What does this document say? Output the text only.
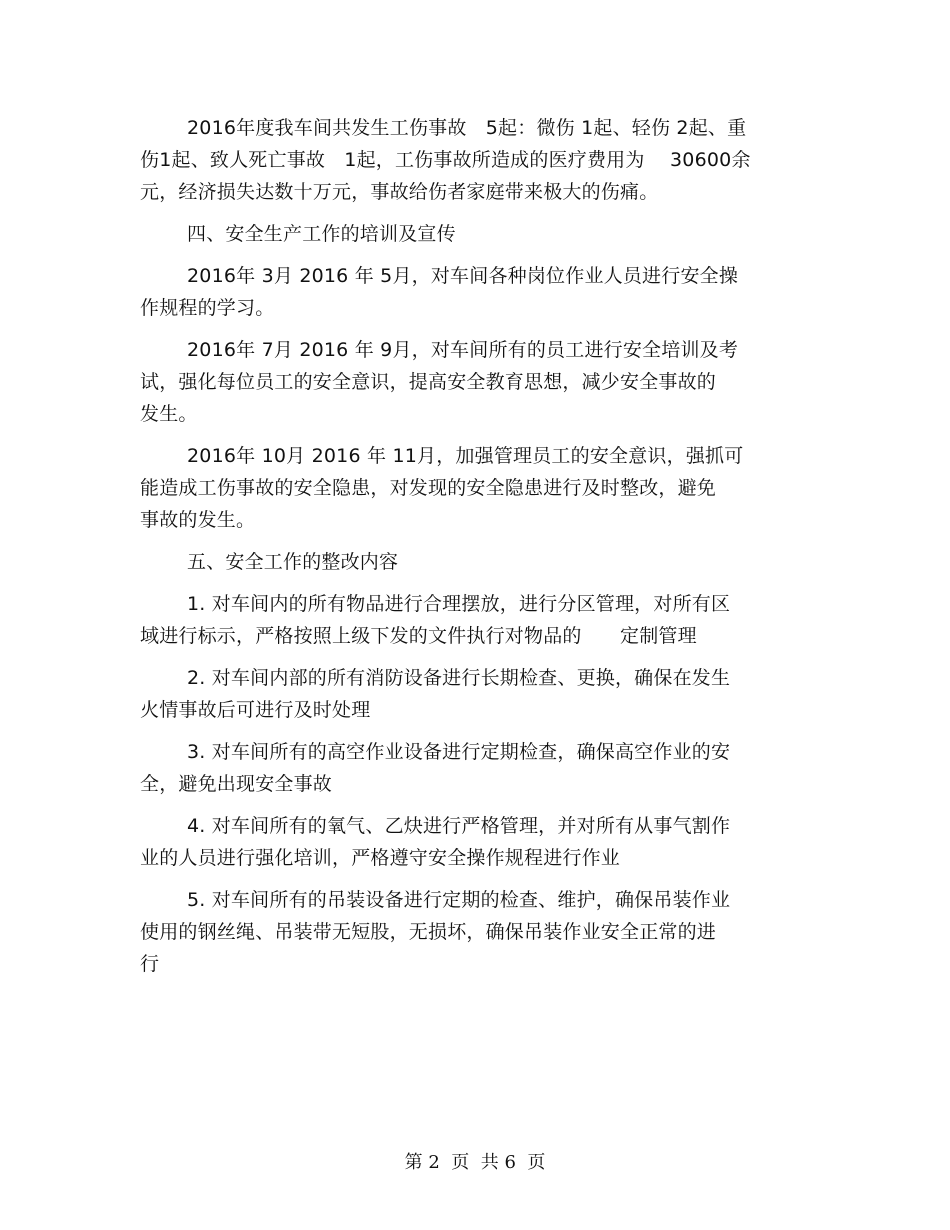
2016年度我车间共发生工伤事故　5起：微伤 1起、轻伤 2起、重
伤1起、致人死亡事故　1起，工伤事故所造成的医疗费用为　 30600余
元，经济损失达数十万元，事故给伤者家庭带来极大的伤痛。
四、安全生产工作的培训及宣传
2016年 3月 2016 年 5月，对车间各种岗位作业人员进行安全操
作规程的学习。
2016年 7月 2016 年 9月，对车间所有的员工进行安全培训及考
试，强化每位员工的安全意识，提高安全教育思想，减少安全事故的
发生。
2016年 10月 2016 年 11月，加强管理员工的安全意识，强抓可
能造成工伤事故的安全隐患，对发现的安全隐患进行及时整改，避免
事故的发生。
五、安全工作的整改内容
1. 对车间内的所有物品进行合理摆放，进行分区管理，对所有区
域进行标示，严格按照上级下发的文件执行对物品的　　定制管理
2. 对车间内部的所有消防设备进行长期检查、更换，确保在发生
火情事故后可进行及时处理
3. 对车间所有的高空作业设备进行定期检查，确保高空作业的安
全，避免出现安全事故
4. 对车间所有的氧气、乙炔进行严格管理，并对所有从事气割作
业的人员进行强化培训，严格遵守安全操作规程进行作业
5. 对车间所有的吊装设备进行定期的检查、维护，确保吊装作业
使用的钢丝绳、吊装带无短股，无损坏，确保吊装作业安全正常的进
行
第 2  页  共 6  页
